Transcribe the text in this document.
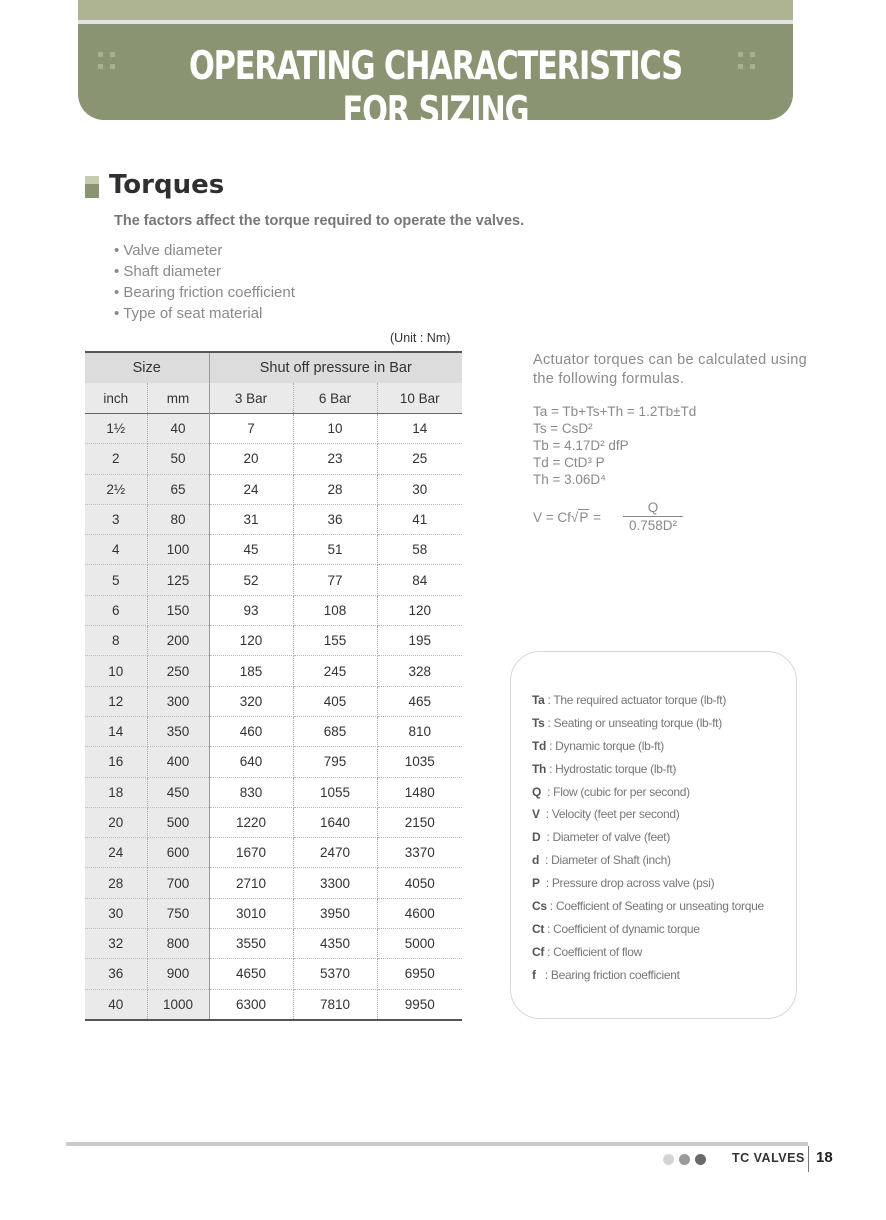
OPERATING CHARACTERISTICS FOR SIZING
Torques
The factors affect the torque required to operate the valves.
• Valve diameter
• Shaft diameter
• Bearing friction coefficient
• Type of seat material
(Unit : Nm)
Size		Shut off pressure in Bar		
inch	mm	3 Bar	6 Bar	10 Bar
1½	40	7	10	14
2	50	20	23	25
2½	65	24	28	30
3	80	31	36	41
4	100	45	51	58
5	125	52	77	84
6	150	93	108	120
8	200	120	155	195
10	250	185	245	328
12	300	320	405	465
14	350	460	685	810
16	400	640	795	1035
18	450	830	1055	1480
20	500	1220	1640	2150
24	600	1670	2470	3370
28	700	2710	3300	4050
30	750	3010	3950	4600
32	800	3550	4350	5000
36	900	4650	5370	6950
40	1000	6300	7810	9950
Actuator torques can be calculated using the following formulas.
Ta = Tb+Ts+Th = 1.2Tb±Td
Ts = CsD²
Tb = 4.17D² dfP
Td = CtD³ P
Th = 3.06D⁴
$V = Cf√P = \frac{Q}{\text{0.758D²}}$
Ta : The required actuator torque (lb-ft)
Ts : Seating or unseating torque (lb-ft)
Td : Dynamic torque (lb-ft)
Th : Hydrostatic torque (lb-ft)
Q  : Flow (cubic for per second)
V  : Velocity (feet per second)
D  : Diameter of valve (feet)
d  : Diameter of Shaft (inch)
P  : Pressure drop across valve (psi)
Cs : Coefficient of Seating or unseating torque
Ct : Coefficient of dynamic torque
Cf : Coefficient of flow
f   : Bearing friction coefficient
TC VALVES 18
